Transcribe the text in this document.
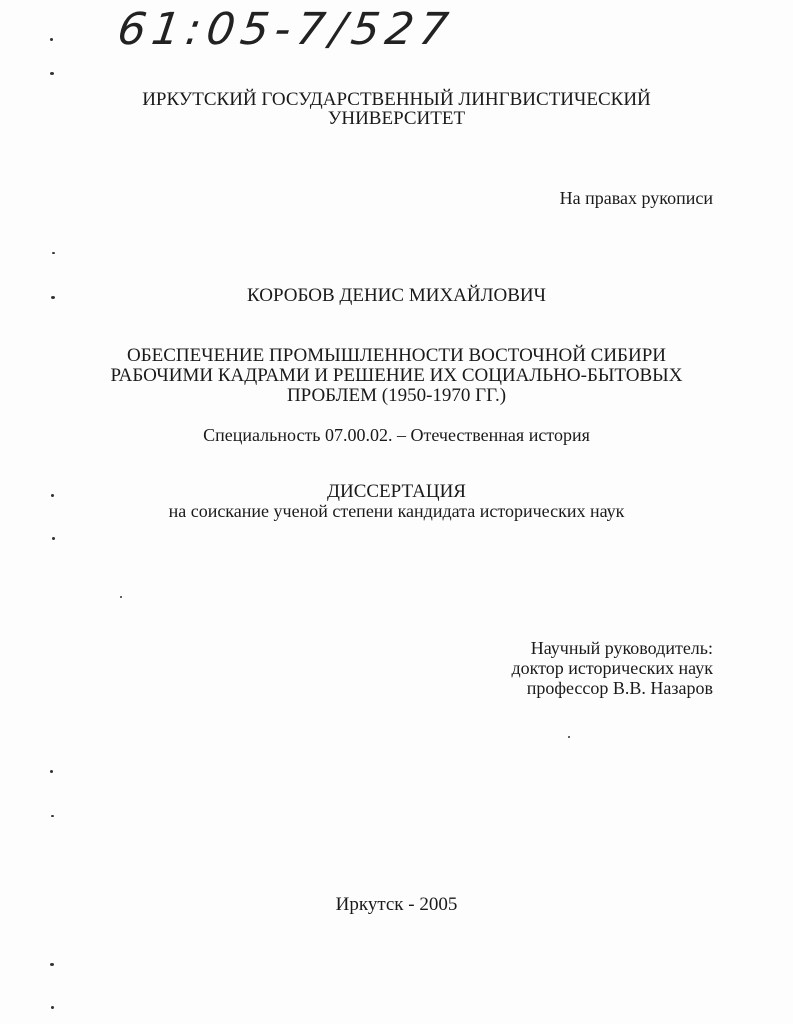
61:05-7/527
ИРКУТСКИЙ ГОСУДАРСТВЕННЫЙ ЛИНГВИСТИЧЕСКИЙ
УНИВЕРСИТЕТ
На правах рукописи
КОРОБОВ ДЕНИС МИХАЙЛОВИЧ
ОБЕСПЕЧЕНИЕ ПРОМЫШЛЕННОСТИ ВОСТОЧНОЙ СИБИРИ
РАБОЧИМИ КАДРАМИ И РЕШЕНИЕ ИХ СОЦИАЛЬНО-БЫТОВЫХ
ПРОБЛЕМ (1950-1970 ГГ.)
Специальность 07.00.02. – Отечественная история
ДИССЕРТАЦИЯ
на соискание ученой степени кандидата исторических наук
Научный руководитель:
доктор исторических наук
профессор В.В. Назаров
Иркутск - 2005
